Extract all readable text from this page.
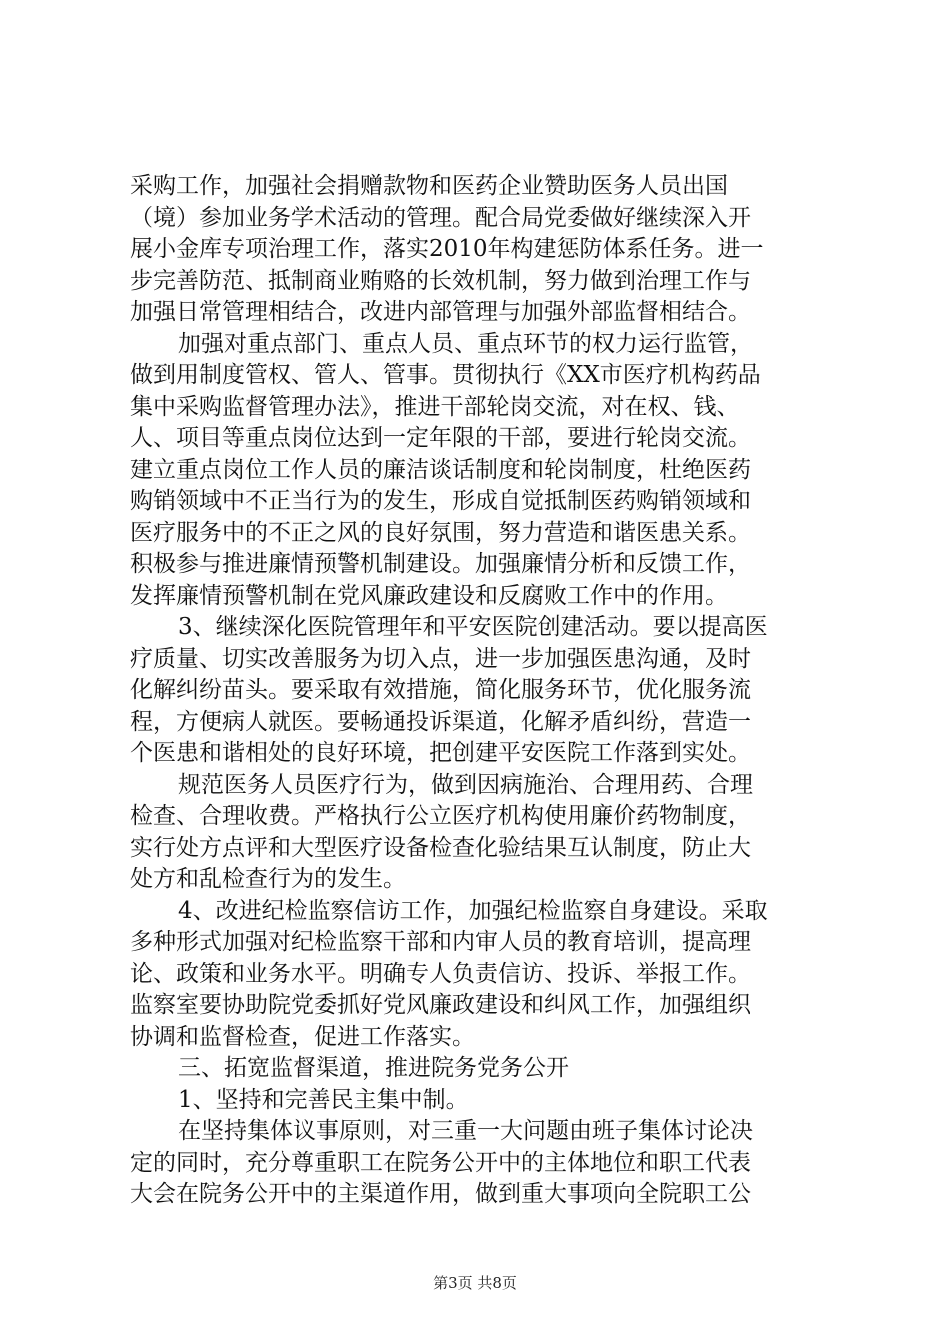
采购工作，加强社会捐赠款物和医药企业赞助医务人员出国
（境）参加业务学术活动的管理。配合局党委做好继续深入开
展小金库专项治理工作，落实2010年构建惩防体系任务。进一
步完善防范、抵制商业贿赂的长效机制，努力做到治理工作与
加强日常管理相结合，改进内部管理与加强外部监督相结合。
加强对重点部门、重点人员、重点环节的权力运行监管，
做到用制度管权、管人、管事。贯彻执行《XX市医疗机构药品
集中采购监督管理办法》，推进干部轮岗交流，对在权、钱、
人、项目等重点岗位达到一定年限的干部，要进行轮岗交流。
建立重点岗位工作人员的廉洁谈话制度和轮岗制度，杜绝医药
购销领域中不正当行为的发生，形成自觉抵制医药购销领域和
医疗服务中的不正之风的良好氛围，努力营造和谐医患关系。
积极参与推进廉情预警机制建设。加强廉情分析和反馈工作，
发挥廉情预警机制在党风廉政建设和反腐败工作中的作用。
3、继续深化医院管理年和平安医院创建活动。要以提高医
疗质量、切实改善服务为切入点，进一步加强医患沟通，及时
化解纠纷苗头。要采取有效措施，简化服务环节，优化服务流
程，方便病人就医。要畅通投诉渠道，化解矛盾纠纷，营造一
个医患和谐相处的良好环境，把创建平安医院工作落到实处。
规范医务人员医疗行为，做到因病施治、合理用药、合理
检查、合理收费。严格执行公立医疗机构使用廉价药物制度，
实行处方点评和大型医疗设备检查化验结果互认制度，防止大
处方和乱检查行为的发生。
4、改进纪检监察信访工作，加强纪检监察自身建设。采取
多种形式加强对纪检监察干部和内审人员的教育培训，提高理
论、政策和业务水平。明确专人负责信访、投诉、举报工作。
监察室要协助院党委抓好党风廉政建设和纠风工作，加强组织
协调和监督检查，促进工作落实。
三、拓宽监督渠道，推进院务党务公开
1、坚持和完善民主集中制。
在坚持集体议事原则，对三重一大问题由班子集体讨论决
定的同时，充分尊重职工在院务公开中的主体地位和职工代表
大会在院务公开中的主渠道作用，做到重大事项向全院职工公
第3页 共8页
